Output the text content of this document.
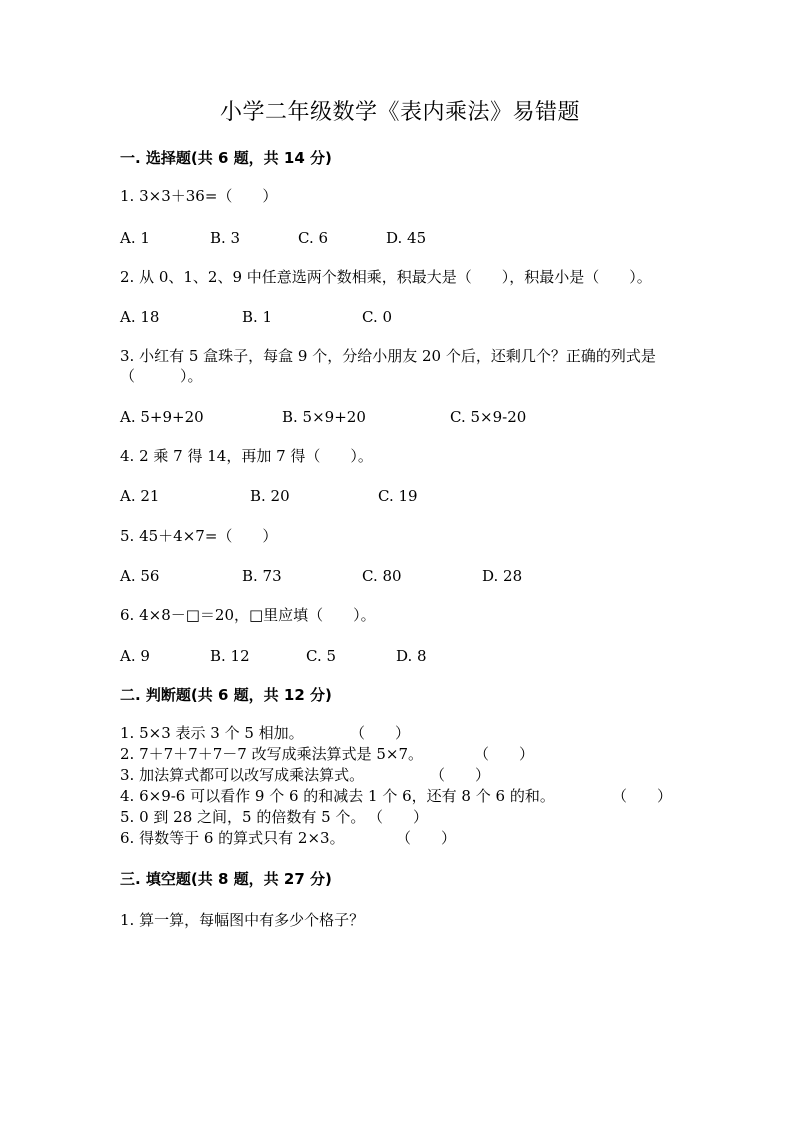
小学二年级数学《表内乘法》易错题
一. 选择题(共 6 题，共 14 分)
1. 3×3＋36=（　　）
A. 1	B. 3	C. 6	D. 45
2. 从 0、1、2、9 中任意选两个数相乘，积最大是（　　），积最小是（　　）。
A. 18	B. 1	C. 0
3. 小红有 5 盒珠子，每盒 9 个，分给小朋友 20 个后，还剩几个？正确的列式是（　　　）。
A. 5+9+20	B. 5×9+20	C. 5×9-20
4. 2 乘 7 得 14，再加 7 得（　　）。
A. 21	B. 20	C. 19
5. 45＋4×7=（　　）
A. 56	B. 73	C. 80	D. 28
6. 4×8－□＝20，□里应填（　　）。
A. 9	B. 12	C. 5	D. 8
二. 判断题(共 6 题，共 12 分)
1. 5×3 表示 3 个 5 相加。	（　　）
2. 7＋7＋7＋7－7 改写成乘法算式是 5×7。	（　　）
3. 加法算式都可以改写成乘法算式。	（　　）
4. 6×9-6 可以看作 9 个 6 的和减去 1 个 6，还有 8 个 6 的和。	（　　）
5. 0 到 28 之间，5 的倍数有 5 个。 （　　）
6. 得数等于 6 的算式只有 2×3。	（　　）
三. 填空题(共 8 题，共 27 分)
1. 算一算，每幅图中有多少个格子？
